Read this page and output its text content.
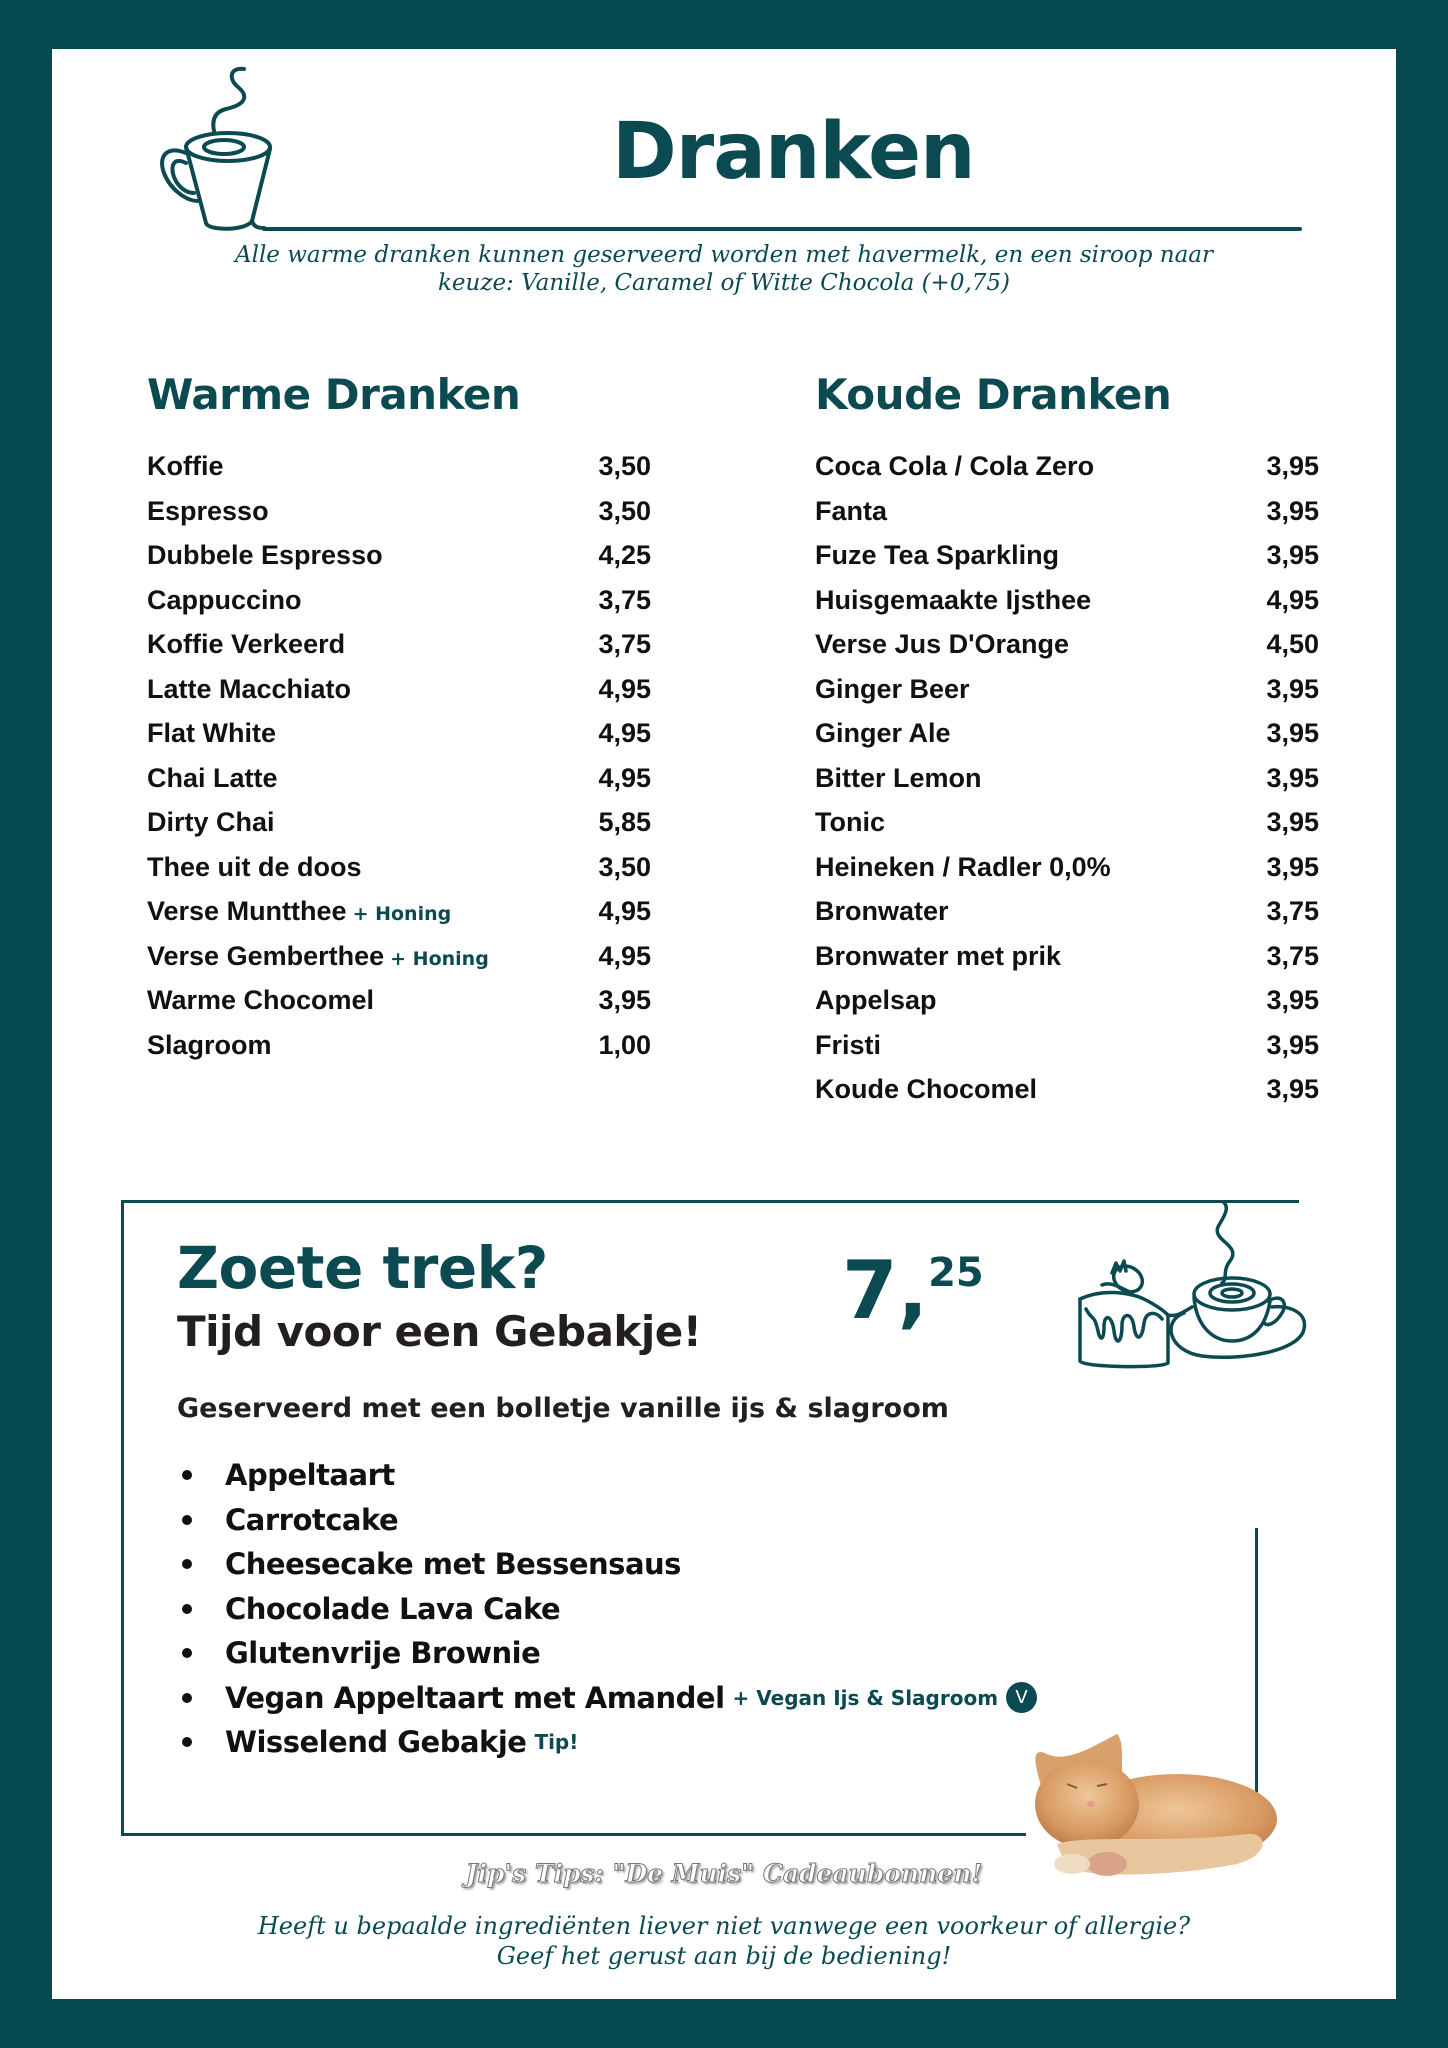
Dranken
Alle warme dranken kunnen geserveerd worden met havermelk, en een siroop naar
keuze: Vanille, Caramel of Witte Chocola (+0,75)
Warme Dranken
Koffie	3,50
Espresso	3,50
Dubbele Espresso	4,25
Cappuccino	3,75
Koffie Verkeerd	3,75
Latte Macchiato	4,95
Flat White	4,95
Chai Latte	4,95
Dirty Chai	5,85
Thee uit de doos	3,50
Verse Muntthee + Honing	4,95
Verse Gemberthee + Honing	4,95
Warme Chocomel	3,95
Slagroom	1,00
Koude Dranken
Coca Cola / Cola Zero	3,95
Fanta	3,95
Fuze Tea Sparkling	3,95
Huisgemaakte Ijsthee	4,95
Verse Jus D'Orange	4,50
Ginger Beer	3,95
Ginger Ale	3,95
Bitter Lemon	3,95
Tonic	3,95
Heineken / Radler 0,0%	3,95
Bronwater	3,75
Bronwater met prik	3,75
Appelsap	3,95
Fristi	3,95
Koude Chocomel	3,95
Zoete trek?
Tijd voor een Gebakje! 7,25
Geserveerd met een bolletje vanille ijs & slagroom
Appeltaart
Carrotcake
Cheesecake met Bessensaus
Chocolade Lava Cake
Glutenvrije Brownie
Vegan Appeltaart met Amandel + Vegan Ijs & Slagroom V
Wisselend Gebakje Tip!
Jip's Tips: "De Muis" Cadeaubonnen!
Heeft u bepaalde ingrediënten liever niet vanwege een voorkeur of allergie?
Geef het gerust aan bij de bediening!
